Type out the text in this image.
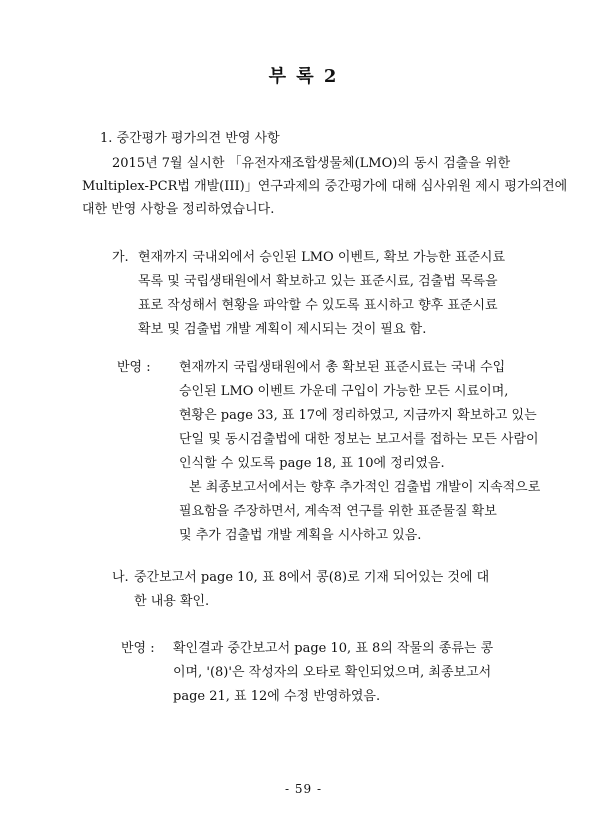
부 록 2
1. 중간평가 평가의견 반영 사항
2015년 7월 실시한 「유전자재조합생물체(LMO)의 동시 검출을 위한
Multiplex-PCR법 개발(III)」연구과제의 중간평가에 대해 심사위원 제시 평가의견에
대한 반영 사항을 정리하였습니다.
가. 현재까지 국내외에서 승인된 LMO 이벤트, 확보 가능한 표준시료
목록 및 국립생태원에서 확보하고 있는 표준시료, 검출법 목록을
표로 작성해서 현황을 파악할 수 있도록 표시하고 향후 표준시료
확보 및 검출법 개발 계획이 제시되는 것이 필요 함.
반영 :	현재까지 국립생태원에서 총 확보된 표준시료는 국내 수입
승인된 LMO 이벤트 가운데 구입이 가능한 모든 시료이며,
현황은 page 33, 표 17에 정리하였고, 지금까지 확보하고 있는
단일 및 동시검출법에 대한 정보는 보고서를 접하는 모든 사람이
인식할 수 있도록 page 18, 표 10에 정리였음.
본 최종보고서에서는 향후 추가적인 검출법 개발이 지속적으로
필요함을 주장하면서, 계속적 연구를 위한 표준물질 확보
및 추가 검출법 개발 계획을 시사하고 있음.
나. 중간보고서 page 10, 표 8에서 콩(8)로 기재 되어있는 것에 대
한 내용 확인.
반영 :	확인결과 중간보고서 page 10, 표 8의 작물의 종류는 콩
이며, '(8)'은 작성자의 오타로 확인되었으며, 최종보고서
page 21, 표 12에 수정 반영하였음.
- 59 -
